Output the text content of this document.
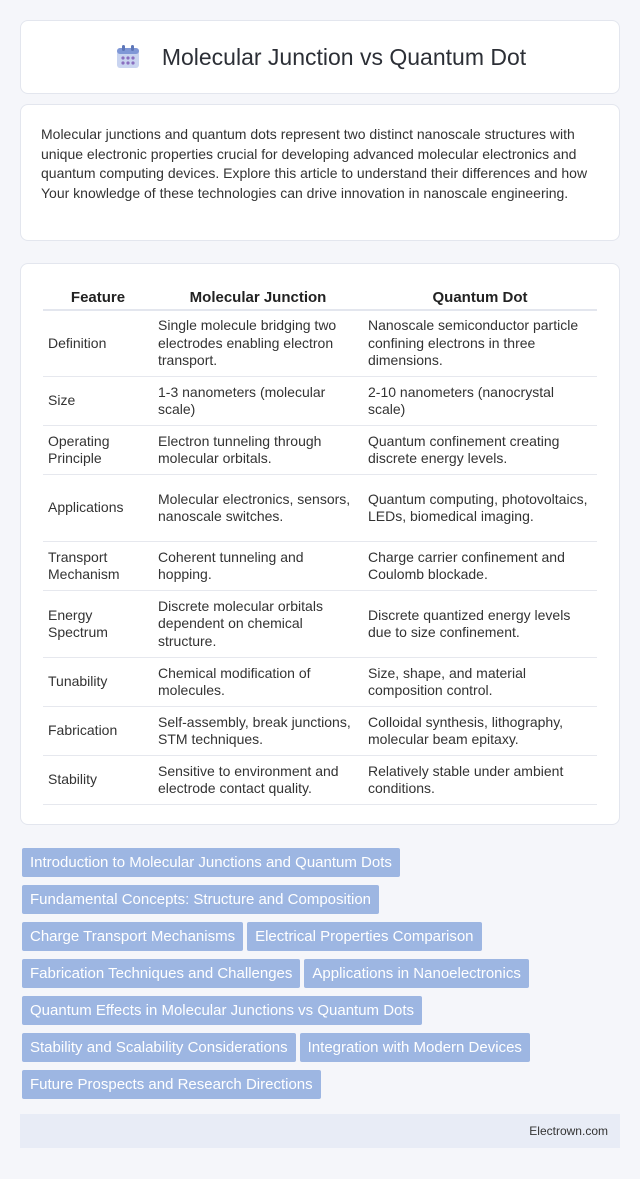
Molecular Junction vs Quantum Dot

Molecular junctions and quantum dots represent two distinct nanoscale structures with unique electronic properties crucial for developing advanced molecular electronics and quantum computing devices. Explore this article to understand their differences and how Your knowledge of these technologies can drive innovation in nanoscale engineering.

Feature	Molecular Junction	Quantum Dot
Definition	Single molecule bridging two electrodes enabling electron transport.	Nanoscale semiconductor particle confining electrons in three dimensions.
Size	1-3 nanometers (molecular scale)	2-10 nanometers (nanocrystal scale)
Operating Principle	Electron tunneling through molecular orbitals.	Quantum confinement creating discrete energy levels.
Applications	Molecular electronics, sensors, nanoscale switches.	Quantum computing, photovoltaics, LEDs, biomedical imaging.
Transport Mechanism	Coherent tunneling and hopping.	Charge carrier confinement and Coulomb blockade.
Energy Spectrum	Discrete molecular orbitals dependent on chemical structure.	Discrete quantized energy levels due to size confinement.
Tunability	Chemical modification of molecules.	Size, shape, and material composition control.
Fabrication	Self-assembly, break junctions, STM techniques.	Colloidal synthesis, lithography, molecular beam epitaxy.
Stability	Sensitive to environment and electrode contact quality.	Relatively stable under ambient conditions.
Introduction to Molecular Junctions and Quantum Dots
Fundamental Concepts: Structure and Composition
Charge Transport Mechanisms Electrical Properties Comparison
Fabrication Techniques and Challenges Applications in Nanoelectronics
Quantum Effects in Molecular Junctions vs Quantum Dots
Stability and Scalability Considerations Integration with Modern Devices
Future Prospects and Research Directions
Electrown.com
